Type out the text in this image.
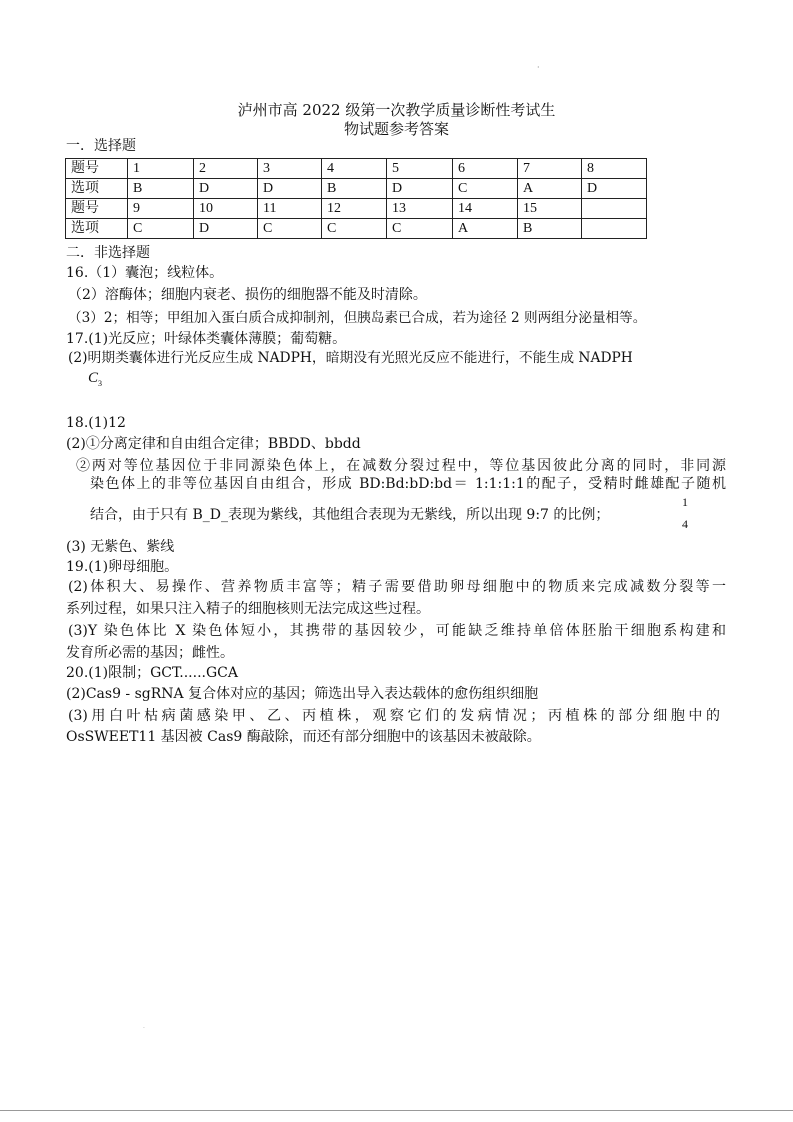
·
泸州市高 2022 级第一次教学质量诊断性考试生
物试题参考答案
一．选择题
题号	1	2	3	4	5	6	7	8
选项	B	D	D	B	D	C	A	D
题号	9	10	11	12	13	14	15	
选项	C	D	C	C	C	A	B	
二．非选择题
16.（1）囊泡；线粒体。
（2）溶酶体；细胞内衰老、损伤的细胞器不能及时清除。
（3）2；相等；甲组加入蛋白质合成抑制剂，但胰岛素已合成，若为途径 2 则两组分泌量相等。
17.(1)光反应；叶绿体类囊体薄膜；葡萄糖。
(2)明期类囊体进行光反应生成 NADPH，暗期没有光照光反应不能进行，不能生成 NADPH
$C_3$
18.(1)12
(2)①分离定律和自由组合定律；BBDD、bbdd
②两对等位基因位于非同源染色体上，在减数分裂过程中，等位基因彼此分离的同时，非同源
染色体上的非等位基因自由组合，形成 BD:Bd:bD:bd＝ 1:1:1:1的配子，受精时雌雄配子随机
结合，由于只有 B_D_表现为紫线，其他组合表现为无紫线，所以出现 9:7 的比例；
1
4
(3) 无紫色、紫线
19.(1)卵母细胞。
(2)体积大、易操作、营养物质丰富等；精子需要借助卵母细胞中的物质来完成减数分裂等一
系列过程，如果只注入精子的细胞核则无法完成这些过程。
(3)Y 染色体比 X 染色体短小，其携带的基因较少，可能缺乏维持单倍体胚胎干细胞系构建和
发育所必需的基因；雌性。
20.(1)限制；GCT......GCA
(2)Cas9 - sgRNA 复合体对应的基因；筛选出导入表达载体的愈伤组织细胞
(3)用白叶枯病菌感染甲、乙、丙植株，观察它们的发病情况；丙植株的部分细胞中的
OsSWEET11 基因被 Cas9 酶敲除，而还有部分细胞中的该基因未被敲除。
·
